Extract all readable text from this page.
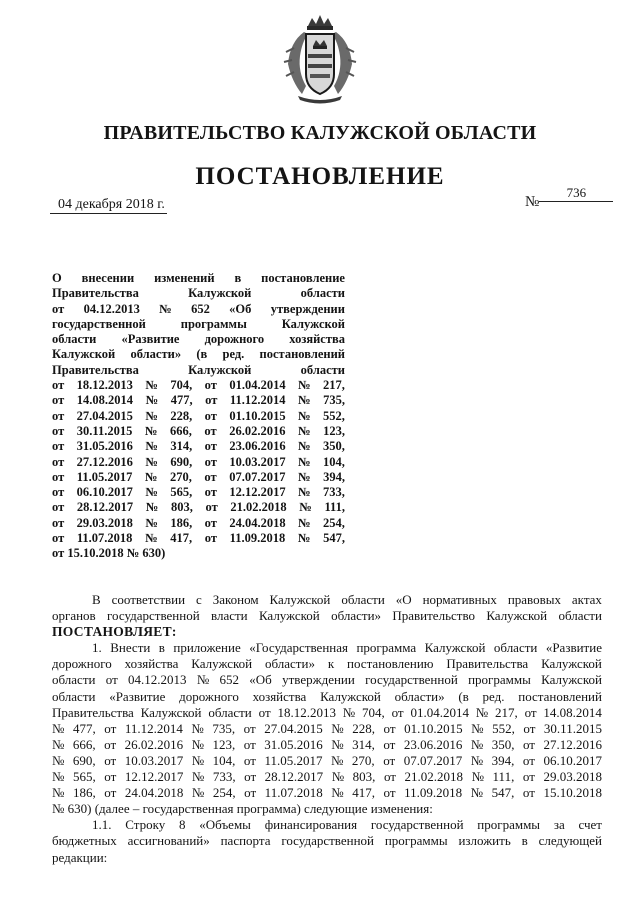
ПРАВИТЕЛЬСТВО КАЛУЖСКОЙ ОБЛАСТИ
ПОСТАНОВЛЕНИЕ
04 декабря 2018 г.	№736
О внесении изменений в постановление
Правительства	Калужской	области
от 04.12.2013 № 652 «Об утверждении
государственной	программы	Калужской
области «Развитие дорожного хозяйства
Калужской области» (в ред. постановлений
Правительства	Калужской	области
от 18.12.2013 № 704, от 01.04.2014 № 217,
от 14.08.2014 № 477, от 11.12.2014 № 735,
от 27.04.2015 № 228, от 01.10.2015 № 552,
от 30.11.2015 № 666, от 26.02.2016 № 123,
от 31.05.2016 № 314, от 23.06.2016 № 350,
от 27.12.2016 № 690, от 10.03.2017 № 104,
от 11.05.2017 № 270, от 07.07.2017 № 394,
от 06.10.2017 № 565, от 12.12.2017 № 733,
от 28.12.2017 № 803, от 21.02.2018 № 111,
от 29.03.2018 № 186, от 24.04.2018 № 254,
от 11.07.2018 № 417, от 11.09.2018 № 547,
от 15.10.2018 № 630)
В соответствии с Законом Калужской области «О нормативных правовых актах
органов государственной власти Калужской области» Правительство Калужской области
ПОСТАНОВЛЯЕТ:
1. Внести в приложение «Государственная программа Калужской области «Развитие
дорожного хозяйства Калужской области» к постановлению Правительства Калужской
области от 04.12.2013 № 652 «Об утверждении государственной программы Калужской
области «Развитие дорожного хозяйства Калужской области» (в ред. постановлений
Правительства Калужской области от 18.12.2013 № 704, от 01.04.2014 № 217, от 14.08.2014
№ 477, от 11.12.2014 № 735, от 27.04.2015 № 228, от 01.10.2015 № 552, от 30.11.2015
№ 666, от 26.02.2016 № 123, от 31.05.2016 № 314, от 23.06.2016 № 350, от 27.12.2016
№ 690, от 10.03.2017 № 104, от 11.05.2017 № 270, от 07.07.2017 № 394, от 06.10.2017
№ 565, от 12.12.2017 № 733, от 28.12.2017 № 803, от 21.02.2018 № 111, от 29.03.2018
№ 186, от 24.04.2018 № 254, от 11.07.2018 № 417, от 11.09.2018 № 547, от 15.10.2018
№ 630) (далее – государственная программа) следующие изменения:
1.1. Строку 8 «Объемы финансирования государственной программы за счет
бюджетных ассигнований» паспорта государственной программы изложить в следующей
редакции:
